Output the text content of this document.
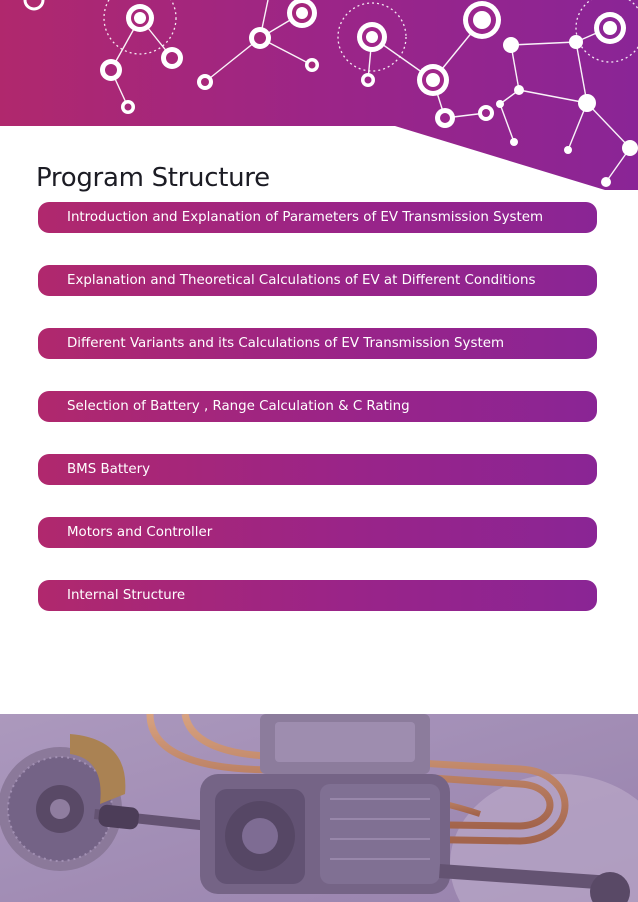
Program Structure
Introduction and Explanation of Parameters of EV Transmission System
Explanation and Theoretical Calculations of EV at Different Conditions
Different Variants and its Calculations of EV Transmission System
Selection of Battery , Range Calculation & C Rating
BMS Battery
Motors and Controller
Internal Structure
